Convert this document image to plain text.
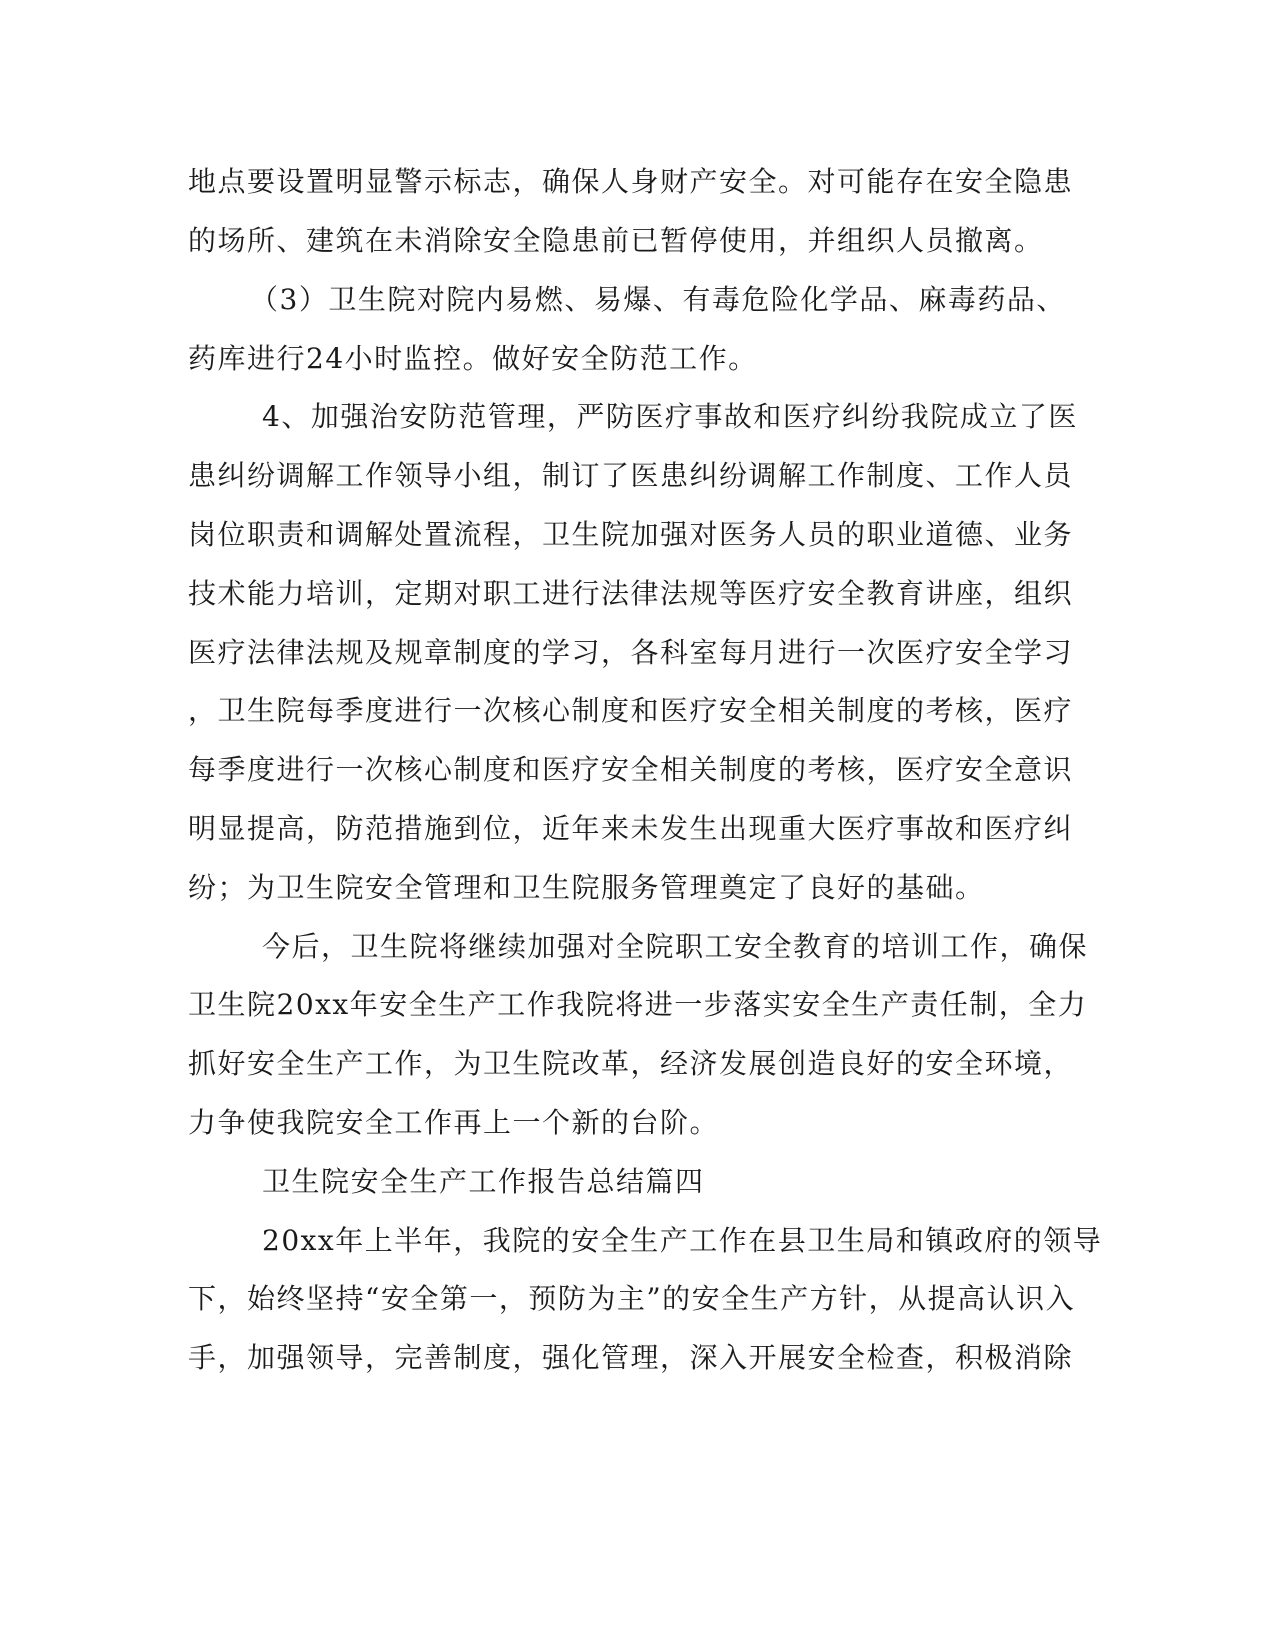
地点要设置明显警示标志，确保人身财产安全。对可能存在安全隐患
的场所、建筑在未消除安全隐患前已暂停使用，并组织人员撤离。
（3）卫生院对院内易燃、易爆、有毒危险化学品、麻毒药品、
药库进行24小时监控。做好安全防范工作。
4、加强治安防范管理，严防医疗事故和医疗纠纷我院成立了医
患纠纷调解工作领导小组，制订了医患纠纷调解工作制度、工作人员
岗位职责和调解处置流程，卫生院加强对医务人员的职业道德、业务
技术能力培训，定期对职工进行法律法规等医疗安全教育讲座，组织
医疗法律法规及规章制度的学习，各科室每月进行一次医疗安全学习
，卫生院每季度进行一次核心制度和医疗安全相关制度的考核，医疗
每季度进行一次核心制度和医疗安全相关制度的考核，医疗安全意识
明显提高，防范措施到位，近年来未发生出现重大医疗事故和医疗纠
纷；为卫生院安全管理和卫生院服务管理奠定了良好的基础。
今后，卫生院将继续加强对全院职工安全教育的培训工作，确保
卫生院20xx年安全生产工作我院将进一步落实安全生产责任制，全力
抓好安全生产工作，为卫生院改革，经济发展创造良好的安全环境，
力争使我院安全工作再上一个新的台阶。
卫生院安全生产工作报告总结篇四
20xx年上半年，我院的安全生产工作在县卫生局和镇政府的领导
下，始终坚持“安全第一，预防为主”的安全生产方针，从提高认识入
手，加强领导，完善制度，强化管理，深入开展安全检查，积极消除
